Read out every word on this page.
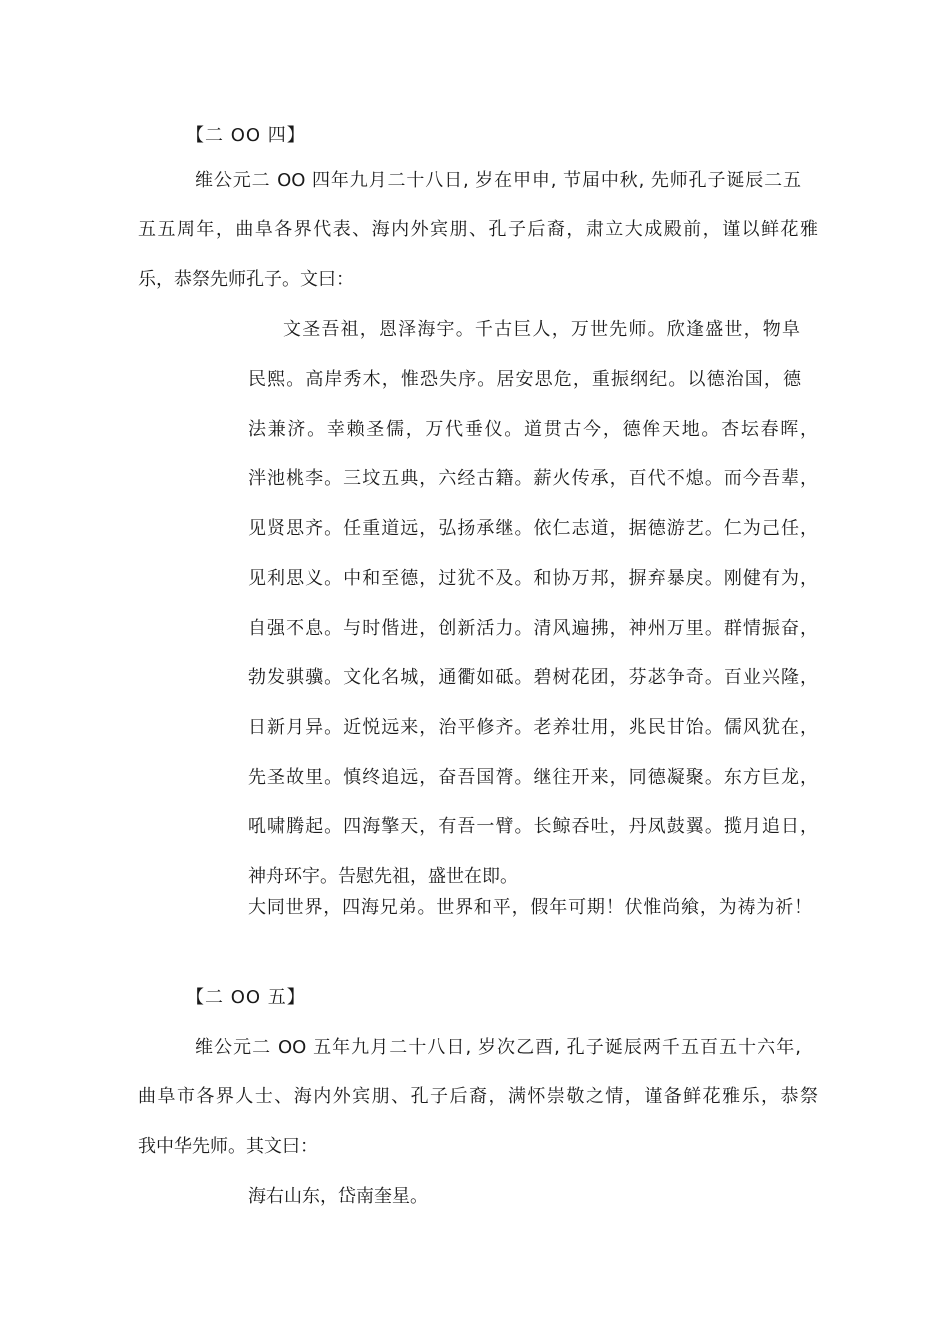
【二 OO 四】
维公元二 OO 四年九月二十八日, 岁在甲申, 节届中秋, 先师孔子诞辰二五
五五周年，曲阜各界代表、海内外宾朋、孔子后裔，肃立大成殿前，谨以鲜花雅
乐，恭祭先师孔子。文曰：
文圣吾祖，恩泽海宇。千古巨人，万世先师。欣逢盛世，物阜
民熙。高岸秀木，惟恐失序。居安思危，重振纲纪。以德治国，德
法兼济。幸赖圣儒，万代垂仪。道贯古今，德侔天地。杏坛春晖，
泮池桃李。三坟五典，六经古籍。薪火传承，百代不熄。而今吾辈，
见贤思齐。任重道远，弘扬承继。依仁志道，据德游艺。仁为己任，
见利思义。中和至德，过犹不及。和协万邦，摒弃暴戾。刚健有为，
自强不息。与时偕进，创新活力。清风遍拂，神州万里。群情振奋，
勃发骐骥。文化名城，通衢如砥。碧树花团，芬苾争奇。百业兴隆，
日新月异。近悦远来，治平修齐。老养壮用，兆民甘饴。儒风犹在，
先圣故里。慎终追远，奋吾国膂。继往开来，同德凝聚。东方巨龙，
吼啸腾起。四海擎天，有吾一臂。长鲸吞吐，丹凤鼓翼。揽月追日，
神舟环宇。告慰先祖，盛世在即。
大同世界，四海兄弟。世界和平，假年可期！伏惟尚飨，为祷为祈！
【二 OO 五】
维公元二 OO 五年九月二十八日, 岁次乙酉, 孔子诞辰两千五百五十六年,
曲阜市各界人士、海内外宾朋、孔子后裔，满怀崇敬之情，谨备鲜花雅乐，恭祭
我中华先师。其文曰：
海右山东，岱南奎星。
